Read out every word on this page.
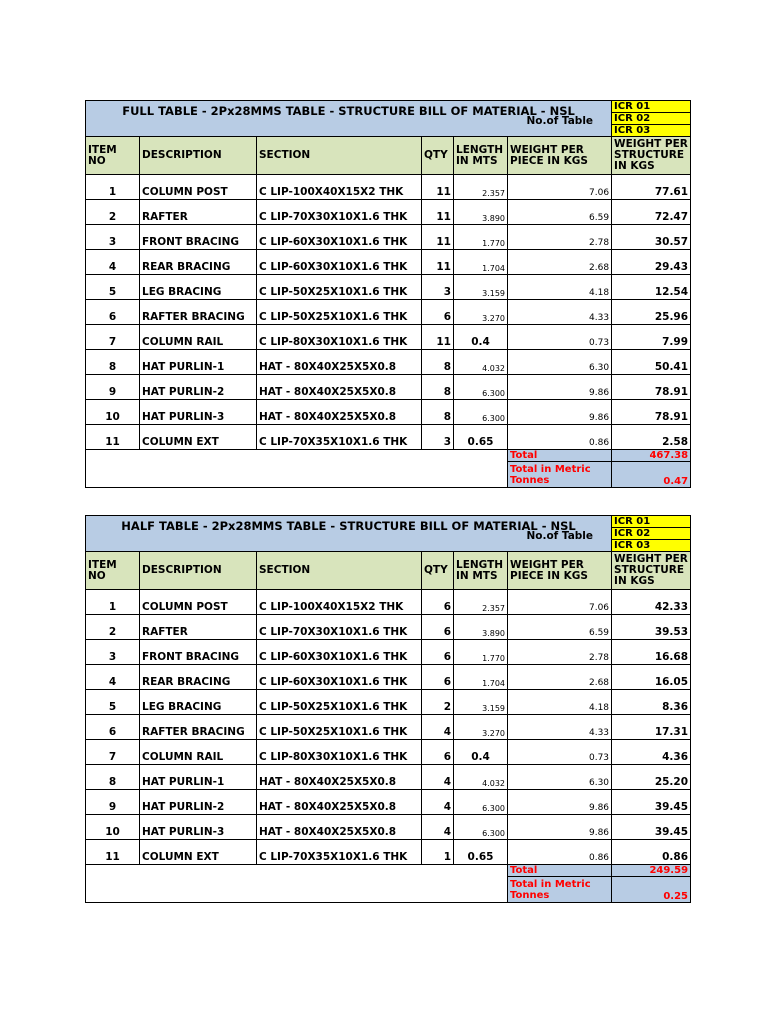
FULL TABLE - 2Px28MMS TABLE - STRUCTURE BILL OF MATERIAL - NSL
No.of Table						ICR 01
						ICR 02
						ICR 03
ITEM NO	DESCRIPTION	SECTION	QTY	LENGTH IN MTS	WEIGHT PER PIECE IN KGS	WEIGHT PER STRUCTURE IN KGS
1	COLUMN POST	C LIP-100X40X15X2 THK	11	2.357	7.06	77.61
2	RAFTER	C LIP-70X30X10X1.6 THK	11	3.890	6.59	72.47
3	FRONT BRACING	C LIP-60X30X10X1.6 THK	11	1.770	2.78	30.57
4	REAR BRACING	C LIP-60X30X10X1.6 THK	11	1.704	2.68	29.43
5	LEG BRACING	C LIP-50X25X10X1.6 THK	3	3.159	4.18	12.54
6	RAFTER BRACING	C LIP-50X25X10X1.6 THK	6	3.270	4.33	25.96
7	COLUMN RAIL	C LIP-80X30X10X1.6 THK	11	0.4	0.73	7.99
8	HAT PURLIN-1	HAT - 80X40X25X5X0.8	8	4.032	6.30	50.41
9	HAT PURLIN-2	HAT - 80X40X25X5X0.8	8	6.300	9.86	78.91
10	HAT PURLIN-3	HAT - 80X40X25X5X0.8	8	6.300	9.86	78.91
11	COLUMN EXT	C LIP-70X35X10X1.6 THK	3	0.65	0.86	2.58
					Total	467.38
					Total in Metric Tonnes	0.47
HALF TABLE - 2Px28MMS TABLE - STRUCTURE BILL OF MATERIAL - NSL
No.of Table						ICR 01
						ICR 02
						ICR 03
ITEM NO	DESCRIPTION	SECTION	QTY	LENGTH IN MTS	WEIGHT PER PIECE IN KGS	WEIGHT PER STRUCTURE IN KGS
1	COLUMN POST	C LIP-100X40X15X2 THK	6	2.357	7.06	42.33
2	RAFTER	C LIP-70X30X10X1.6 THK	6	3.890	6.59	39.53
3	FRONT BRACING	C LIP-60X30X10X1.6 THK	6	1.770	2.78	16.68
4	REAR BRACING	C LIP-60X30X10X1.6 THK	6	1.704	2.68	16.05
5	LEG BRACING	C LIP-50X25X10X1.6 THK	2	3.159	4.18	8.36
6	RAFTER BRACING	C LIP-50X25X10X1.6 THK	4	3.270	4.33	17.31
7	COLUMN RAIL	C LIP-80X30X10X1.6 THK	6	0.4	0.73	4.36
8	HAT PURLIN-1	HAT - 80X40X25X5X0.8	4	4.032	6.30	25.20
9	HAT PURLIN-2	HAT - 80X40X25X5X0.8	4	6.300	9.86	39.45
10	HAT PURLIN-3	HAT - 80X40X25X5X0.8	4	6.300	9.86	39.45
11	COLUMN EXT	C LIP-70X35X10X1.6 THK	1	0.65	0.86	0.86
					Total	249.59
					Total in Metric Tonnes	0.25
